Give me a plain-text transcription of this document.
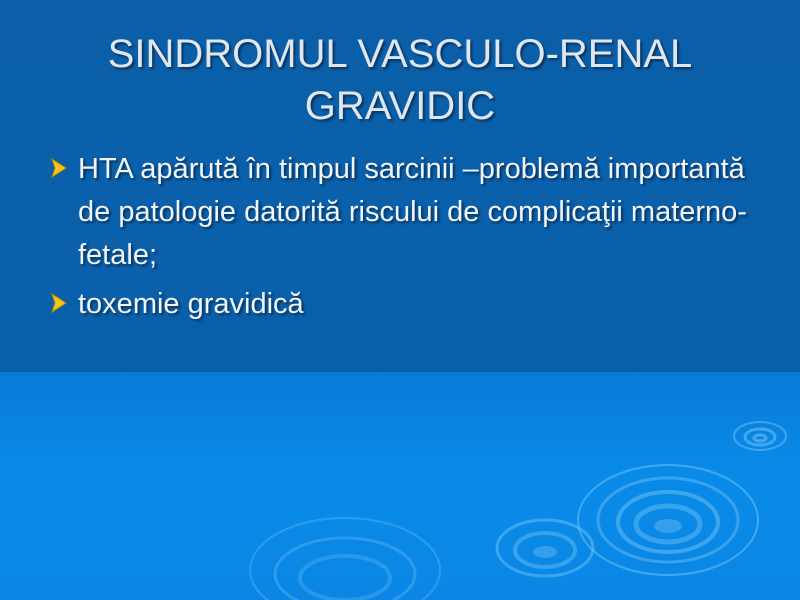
SINDROMUL VASCULO-RENAL
GRAVIDIC
HTA apărută în timpul sarcinii –problemă importantă de patologie datorită riscului de complicaţii materno-fetale;
toxemie gravidică
